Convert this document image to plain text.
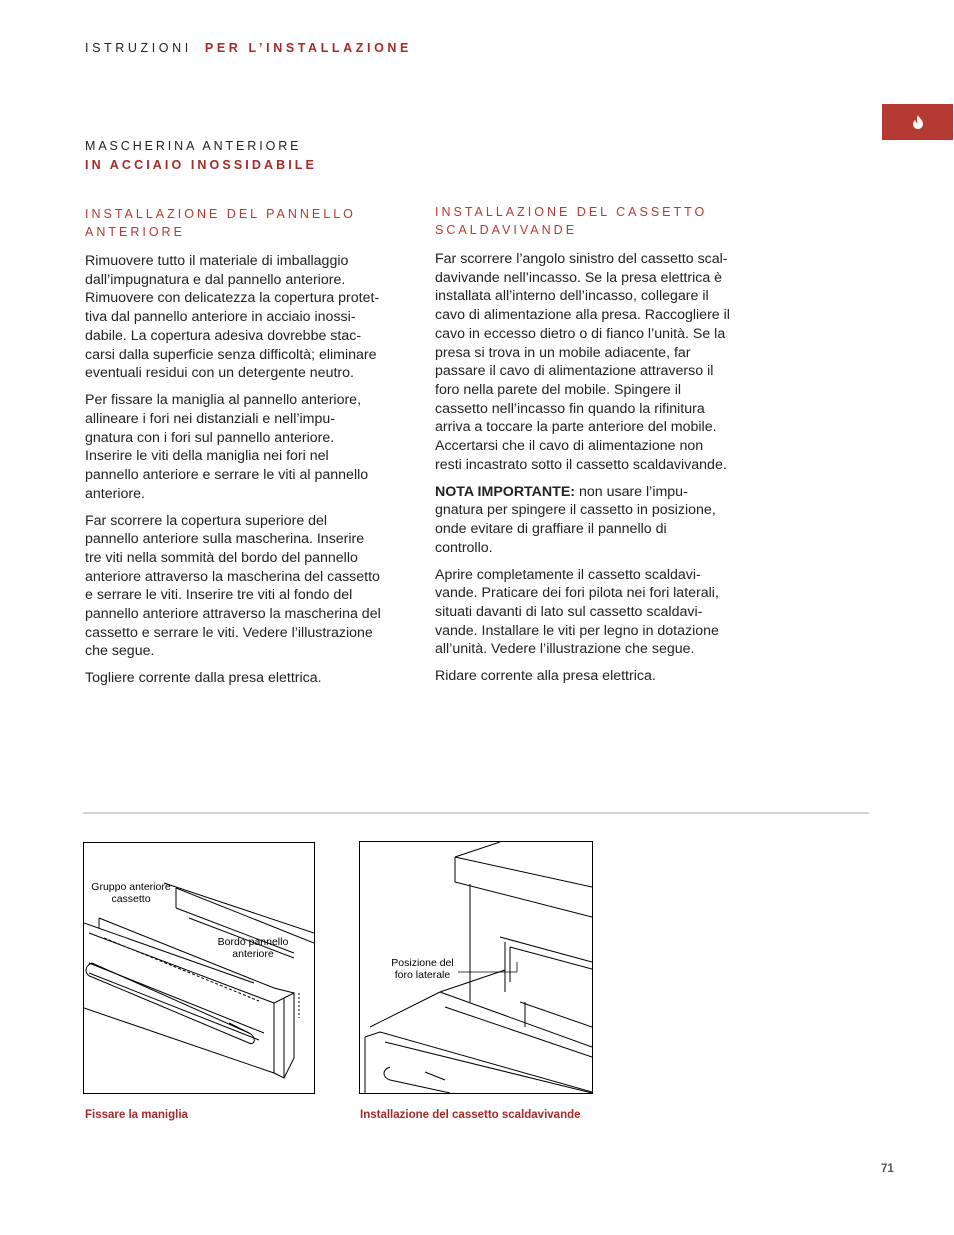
ISTRUZIONI PER L’INSTALLAZIONE
MASCHERINA ANTERIORE
IN ACCIAIO INOSSIDABILE
INSTALLAZIONE DEL PANNELLO
ANTERIORE

Rimuovere tutto il materiale di imballaggio
dall’impugnatura e dal pannello anteriore.
Rimuovere con delicatezza la copertura protet-
tiva dal pannello anteriore in acciaio inossi-
dabile. La copertura adesiva dovrebbe stac-
carsi dalla superficie senza difficoltà; eliminare
eventuali residui con un detergente neutro.

Per fissare la maniglia al pannello anteriore,
allineare i fori nei distanziali e nell’impu-
gnatura con i fori sul pannello anteriore.
Inserire le viti della maniglia nei fori nel
pannello anteriore e serrare le viti al pannello
anteriore.

Far scorrere la copertura superiore del
pannello anteriore sulla mascherina. Inserire
tre viti nella sommità del bordo del pannello
anteriore attraverso la mascherina del cassetto
e serrare le viti. Inserire tre viti al fondo del
pannello anteriore attraverso la mascherina del
cassetto e serrare le viti. Vedere l’illustrazione
che segue.

Togliere corrente dalla presa elettrica.

INSTALLAZIONE DEL CASSETTO
SCALDAVIVANDE

Far scorrere l’angolo sinistro del cassetto scal-
davivande nell’incasso. Se la presa elettrica è
installata all’interno dell’incasso, collegare il
cavo di alimentazione alla presa. Raccogliere il
cavo in eccesso dietro o di fianco l’unità. Se la
presa si trova in un mobile adiacente, far
passare il cavo di alimentazione attraverso il
foro nella parete del mobile. Spingere il
cassetto nell’incasso fin quando la rifinitura
arriva a toccare la parte anteriore del mobile.
Accertarsi che il cavo di alimentazione non
resti incastrato sotto il cassetto scaldavivande.

NOTA IMPORTANTE: non usare l’impu-
gnatura per spingere il cassetto in posizione,
onde evitare di graffiare il pannello di
controllo.

Aprire completamente il cassetto scaldavi-
vande. Praticare dei fori pilota nei fori laterali,
situati davanti di lato sul cassetto scaldavi-
vande. Installare le viti per legno in dotazione
all’unità. Vedere l’illustrazione che segue.

Ridare corrente alla presa elettrica.

Gruppo anteriore
cassetto
Bordo pannello
anteriore
Fissare la maniglia
Posizione del
foro laterale
Installazione del cassetto scaldavivande
71
